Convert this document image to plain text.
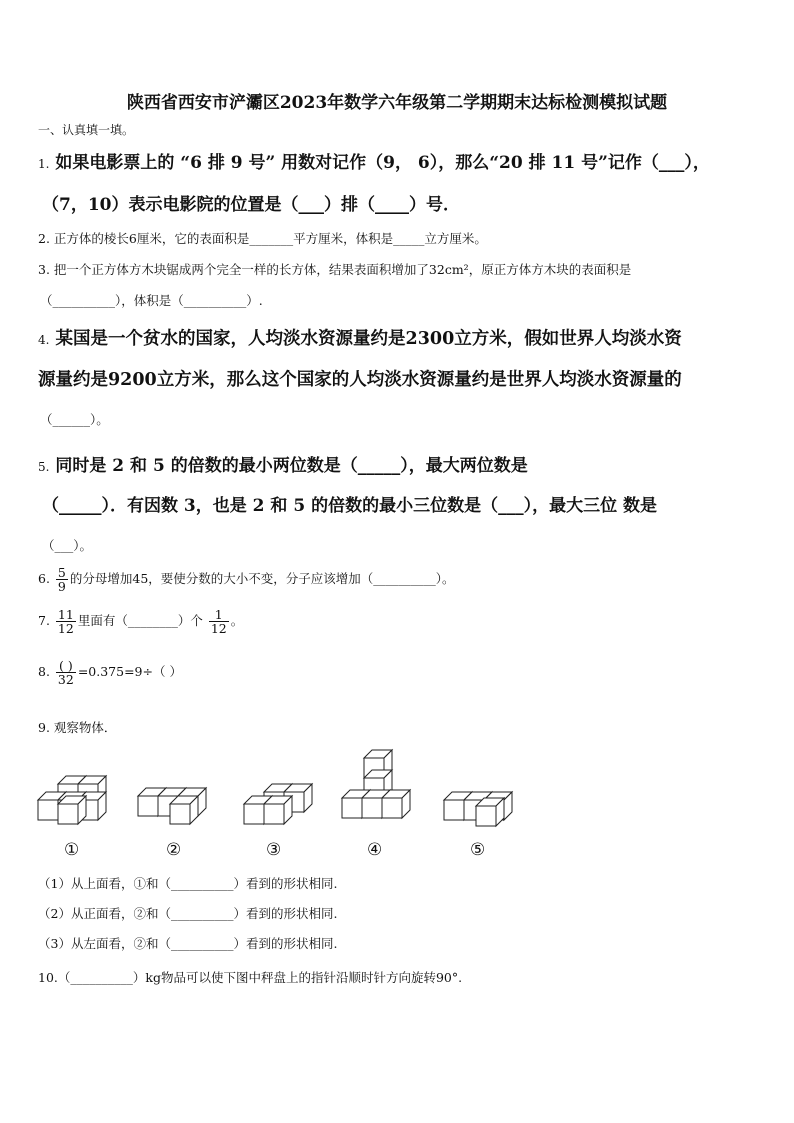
陕西省西安市浐灞区2023年数学六年级第二学期期末达标检测模拟试题
一、认真填一填。
1. 如果电影票上的 “6 排 9 号” 用数对记作（9， 6），那么“20 排 11 号”记作（___），
（7，10）表示电影院的位置是（___）排（____）号．
2. 正方体的棱长6厘米，它的表面积是_______平方厘米，体积是_____立方厘米。
3. 把一个正方体方木块锯成两个完全一样的长方体，结果表面积增加了32cm²，原正方体方木块的表面积是
（__________），体积是（__________）.
4. 某国是一个贫水的国家，人均淡水资源量约是2300立方米，假如世界人均淡水资
源量约是9200立方米，那么这个国家的人均淡水资源量约是世界人均淡水资源量的
（______）。
5. 同时是 2 和 5 的倍数的最小两位数是（_____），最大两位数是
（_____）．有因数 3，也是 2 和 5 的倍数的最小三位数是（___），最大三位 数是
（___）。
6. $\frac{5}{9}$ 的分母增加45，要使分数的大小不变，分子应该增加（__________）。
7. $\frac{11}{12}$ 里面有（________）个 $\frac{1}{12}$ 。
8. $\frac{( )}{32} =0.375=9\div$（ ）
9. 观察物体．
①	②	③	④	⑤
（1）从上面看，①和（__________）看到的形状相同.
（2）从正面看，②和（__________）看到的形状相同.
（3）从左面看，②和（__________）看到的形状相同.
10.（__________）kg物品可以使下图中秤盘上的指针沿顺时针方向旋转90°.
